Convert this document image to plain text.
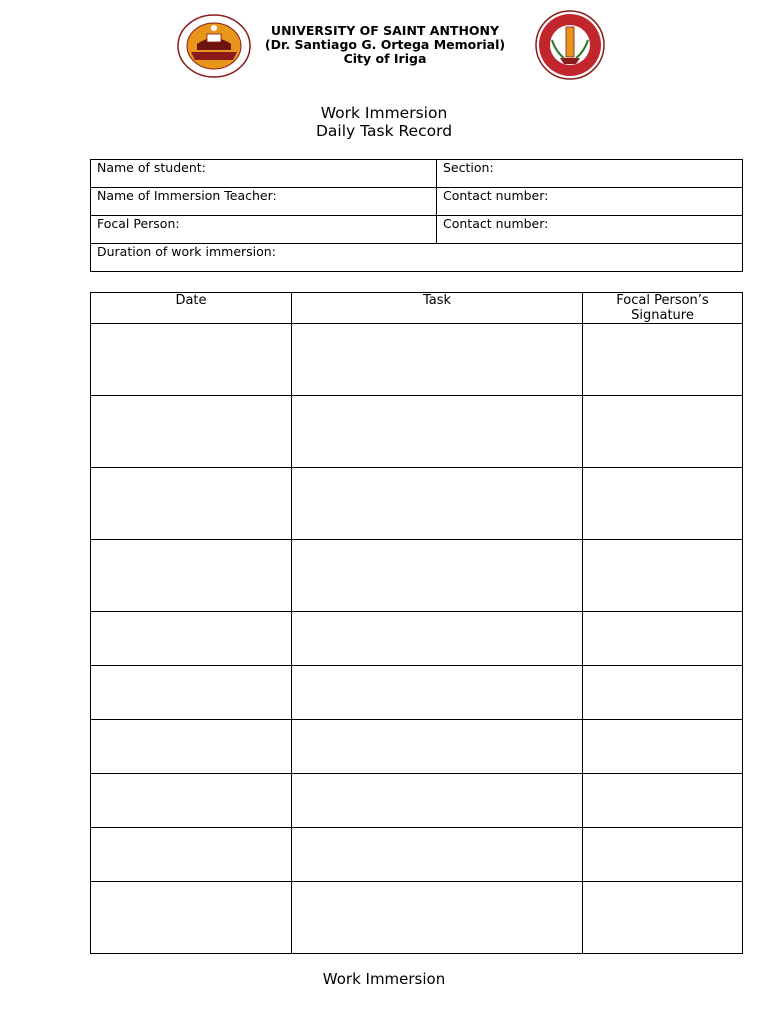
UNIVERSITY OF SAINT ANTHONY
(Dr. Santiago G. Ortega Memorial)
City of Iriga
Work Immersion
Daily Task Record
Name of student:	Section:
Name of Immersion Teacher:	Contact number:
Focal Person:	Contact number:
Duration of work immersion:	
Date	Task	Focal Person’s Signature

Work Immersion
